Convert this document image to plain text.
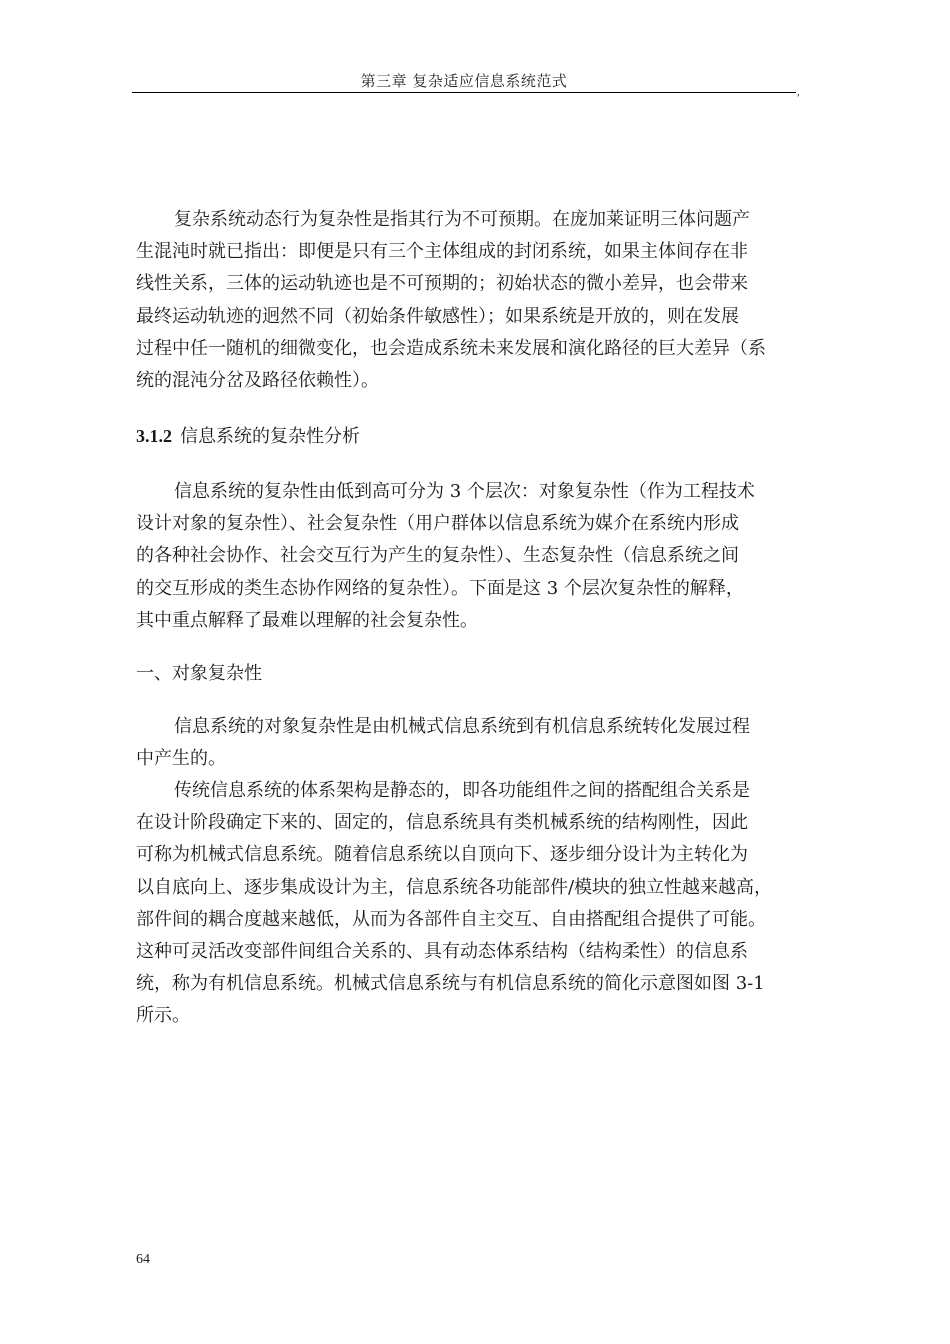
第三章 复杂适应信息系统范式
,
复杂系统动态行为复杂性是指其行为不可预期。在庞加莱证明三体问题产
生混沌时就已指出：即便是只有三个主体组成的封闭系统，如果主体间存在非
线性关系，三体的运动轨迹也是不可预期的；初始状态的微小差异，也会带来
最终运动轨迹的迥然不同（初始条件敏感性）；如果系统是开放的，则在发展
过程中任一随机的细微变化，也会造成系统未来发展和演化路径的巨大差异（系
统的混沌分岔及路径依赖性）。
3.1.2 信息系统的复杂性分析
信息系统的复杂性由低到高可分为 3 个层次：对象复杂性（作为工程技术
设计对象的复杂性）、社会复杂性（用户群体以信息系统为媒介在系统内形成
的各种社会协作、社会交互行为产生的复杂性）、生态复杂性（信息系统之间
的交互形成的类生态协作网络的复杂性）。下面是这 3 个层次复杂性的解释，
其中重点解释了最难以理解的社会复杂性。
一、对象复杂性
信息系统的对象复杂性是由机械式信息系统到有机信息系统转化发展过程
中产生的。
传统信息系统的体系架构是静态的，即各功能组件之间的搭配组合关系是
在设计阶段确定下来的、固定的，信息系统具有类机械系统的结构刚性，因此
可称为机械式信息系统。随着信息系统以自顶向下、逐步细分设计为主转化为
以自底向上、逐步集成设计为主，信息系统各功能部件/模块的独立性越来越高，
部件间的耦合度越来越低，从而为各部件自主交互、自由搭配组合提供了可能。
这种可灵活改变部件间组合关系的、具有动态体系结构（结构柔性）的信息系
统，称为有机信息系统。机械式信息系统与有机信息系统的简化示意图如图 3-1
所示。
64
